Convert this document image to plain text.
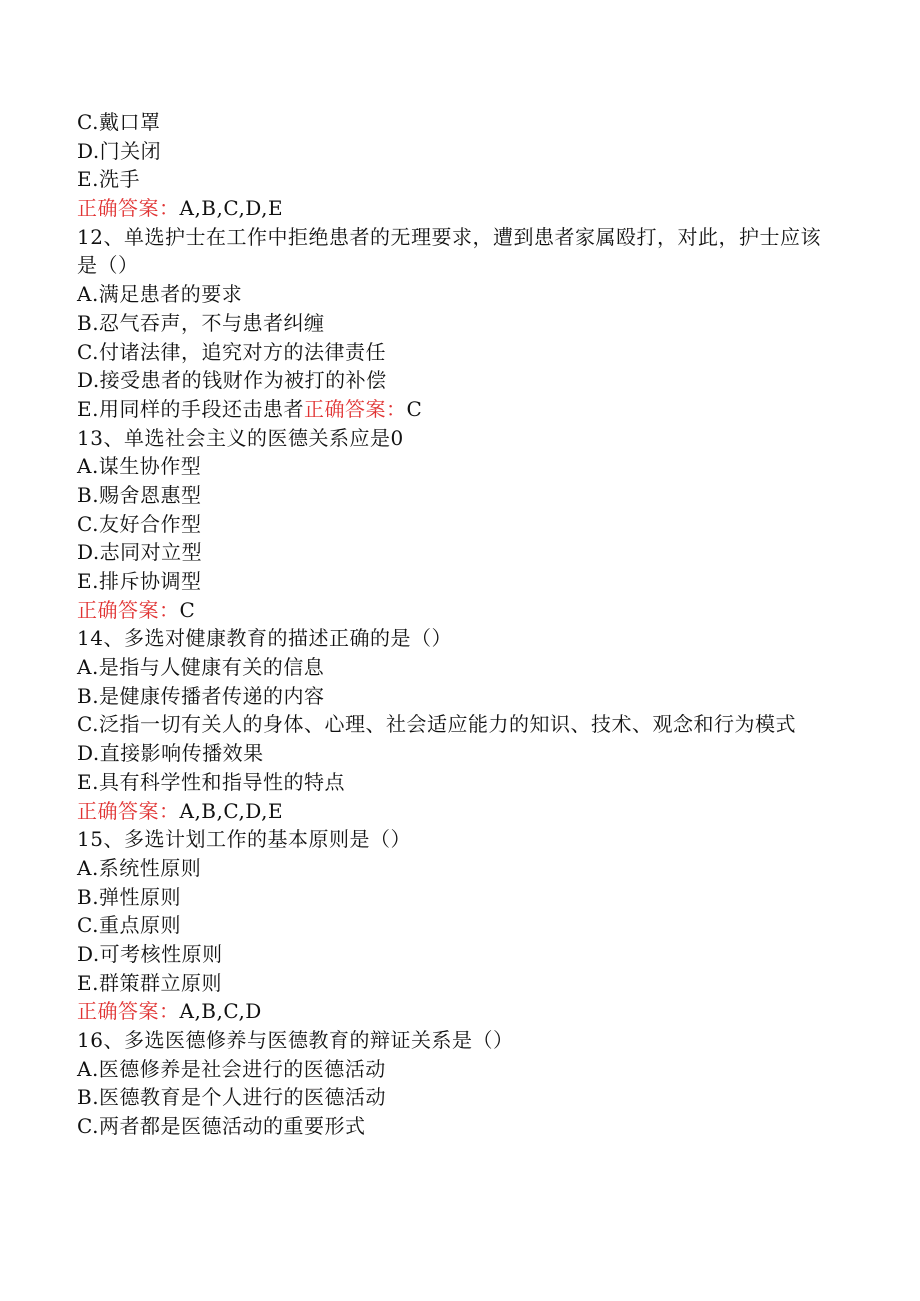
C.戴口罩
D.门关闭
E.洗手
正确答案：A,B,C,D,E
12、单选护士在工作中拒绝患者的无理要求，遭到患者家属殴打，对此，护士应该是（）
A.满足患者的要求
B.忍气吞声，不与患者纠缠
C.付诸法律，追究对方的法律责任
D.接受患者的钱财作为被打的补偿
E.用同样的手段还击患者正确答案：C
13、单选社会主义的医德关系应是0
A.谋生协作型
B.赐舍恩惠型
C.友好合作型
D.志同对立型
E.排斥协调型
正确答案：C
14、多选对健康教育的描述正确的是（）
A.是指与人健康有关的信息
B.是健康传播者传递的内容
C.泛指一切有关人的身体、心理、社会适应能力的知识、技术、观念和行为模式
D.直接影响传播效果
E.具有科学性和指导性的特点
正确答案：A,B,C,D,E
15、多选计划工作的基本原则是（）
A.系统性原则
B.弹性原则
C.重点原则
D.可考核性原则
E.群策群立原则
正确答案：A,B,C,D
16、多选医德修养与医德教育的辩证关系是（）
A.医德修养是社会进行的医德活动
B.医德教育是个人进行的医德活动
C.两者都是医德活动的重要形式
